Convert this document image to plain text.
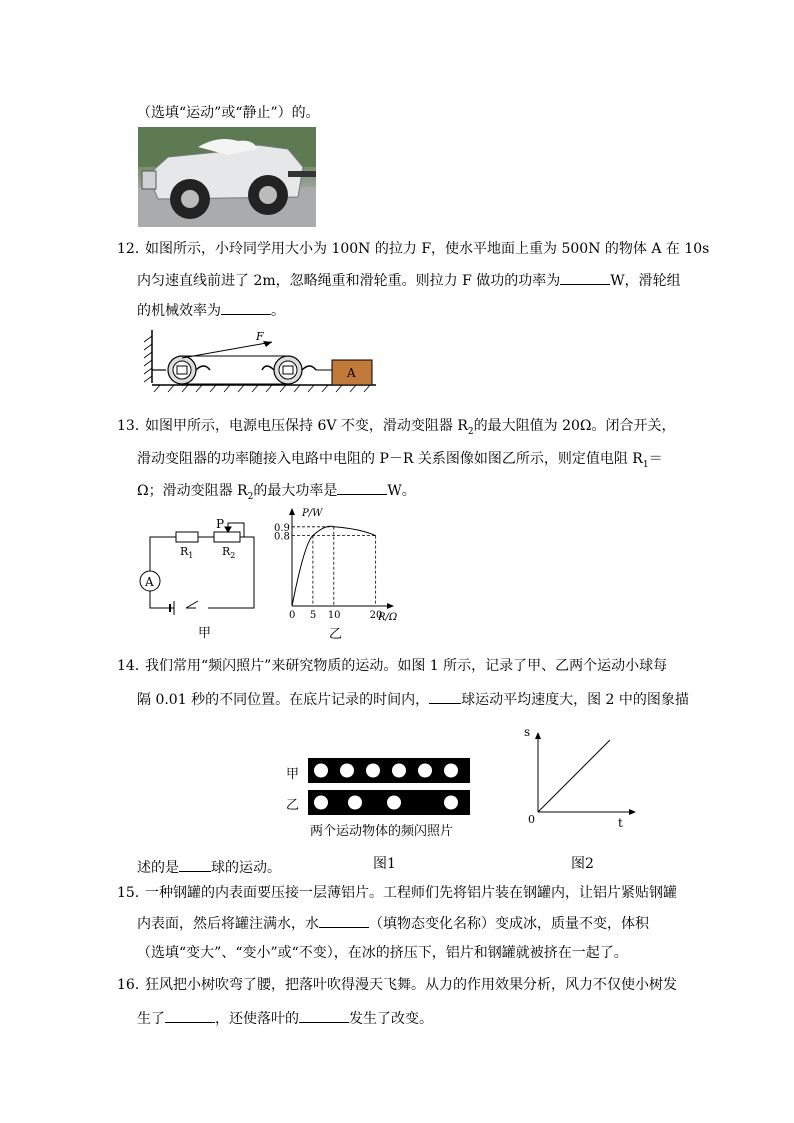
（选填“运动”或“静止”）的。
12．
如图所示，小玲同学用大小为 100N 的拉力 F，使水平地面上重为 500N 的物体 A 在 10s
内匀速直线前进了 2m，忽略绳重和滑轮重。则拉力 F 做功的功率为	W，滑轮组
的机械效率为	。
F
A
13．
如图甲所示，电源电压保持 6V 不变，滑动变阻器 $R_2$的最大阻值为 20Ω。闭合开关，
滑动变阻器的功率随接入电路中电阻的 P－R 关系图像如图乙所示，则定值电阻 $R_1=$
Ω；滑动变阻器 $R_2$的最大功率是	W。
A
P
$R_1$	$R_2$
甲
0 5 10	20
0.8
0.9
P/W
R/Ω
乙
14．
我们常用“频闪照片”来研究物质的运动。如图 1 所示，记录了甲、乙两个运动小球每
隔 0.01 秒的不同位置。在底片记录的时间内， 球运动平均速度大，图 2 中的图象描
甲
乙
两个运动物体的频闪照片
图1
s
t
0
图2
述的是 球的运动。
15．
一种钢罐的内表面要压接一层薄铝片。工程师们先将铝片装在钢罐内，让铝片紧贴钢罐
内表面，然后将罐注满水，水	（填物态变化名称）变成冰，质量不变，体积
（选填“变大”、“变小”或“不变），在冰的挤压下，铝片和钢罐就被挤在一起了。
16．
狂风把小树吹弯了腰，把落叶吹得漫天飞舞。从力的作用效果分析，风力不仅使小树发
生了	，还使落叶的	发生了改变。
